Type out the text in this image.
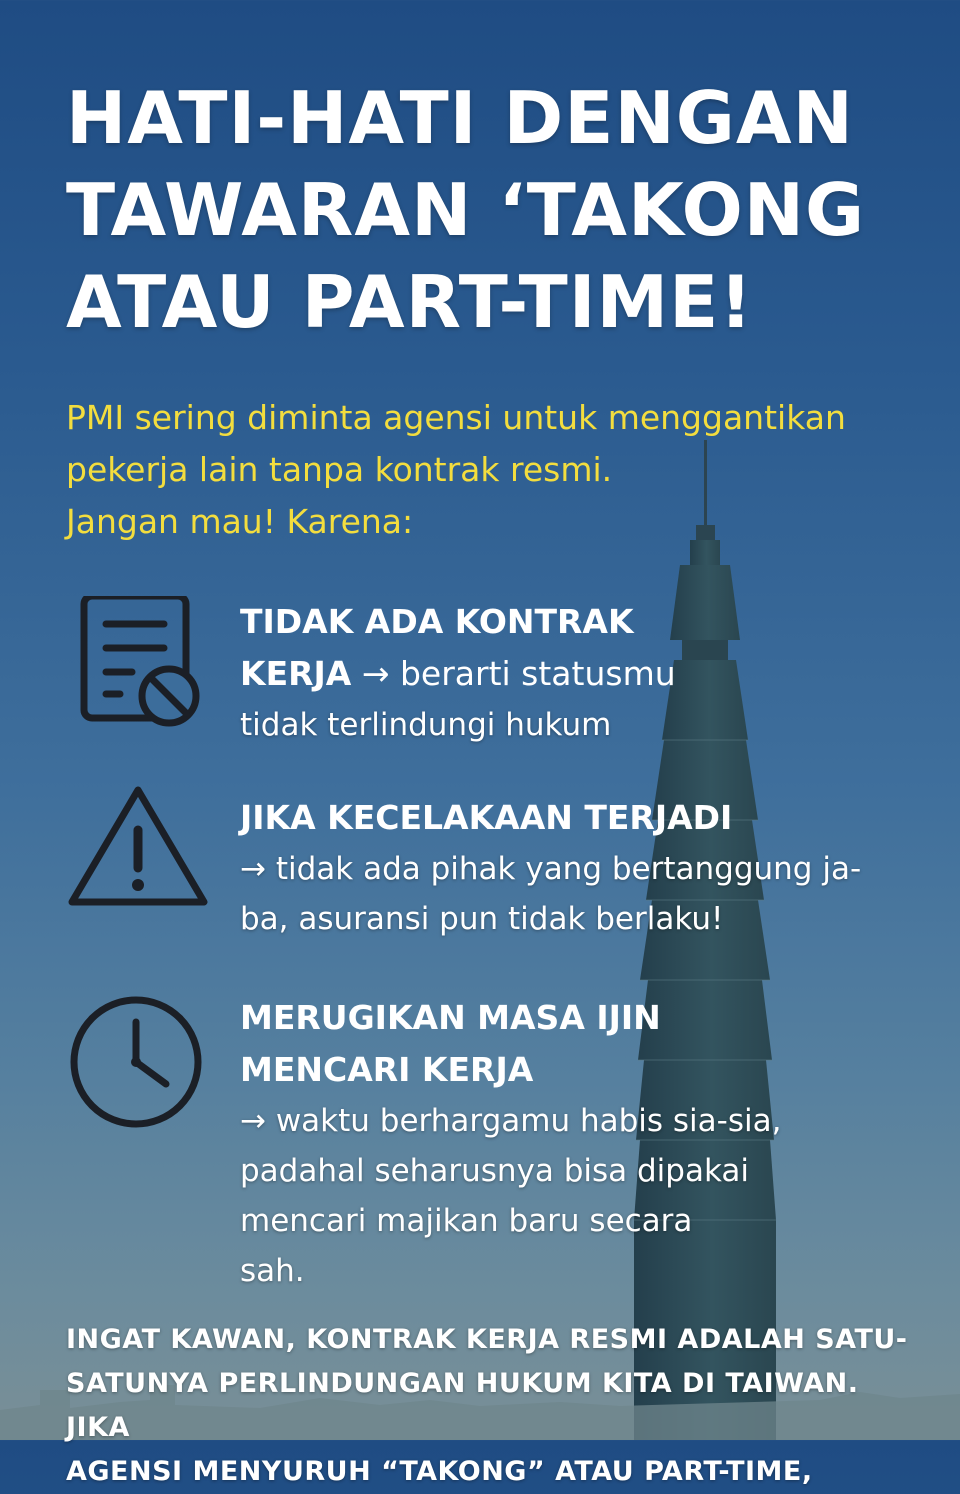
HATI-HATI DENGAN
TAWARAN ‘TAKONG
ATAU PART-TIME!
PMI sering diminta agensi untuk menggantikan
pekerja lain tanpa kontrak resmi.
Jangan mau! Karena:
TIDAK ADA KONTRAK
KERJA → berarti statusmu
tidak terlindungi hukum
JIKA KECELAKAAN TERJADI
→ tidak ada pihak yang bertanggung ja-
ba, asuransi pun tidak berlaku!
MERUGIKAN MASA IJIN
MENCARI KERJA
→ waktu berhargamu habis sia-sia,
padahal seharusnya bisa dipakai
mencari majikan baru secara
sah.
INGAT KAWAN, KONTRAK KERJA RESMI ADALAH SATU-
SATUNYA PERLINDUNGAN HUKUM KITA DI TAIWAN. JIKA
AGENSI MENYURUH “TAKONG” ATAU PART-TIME,
